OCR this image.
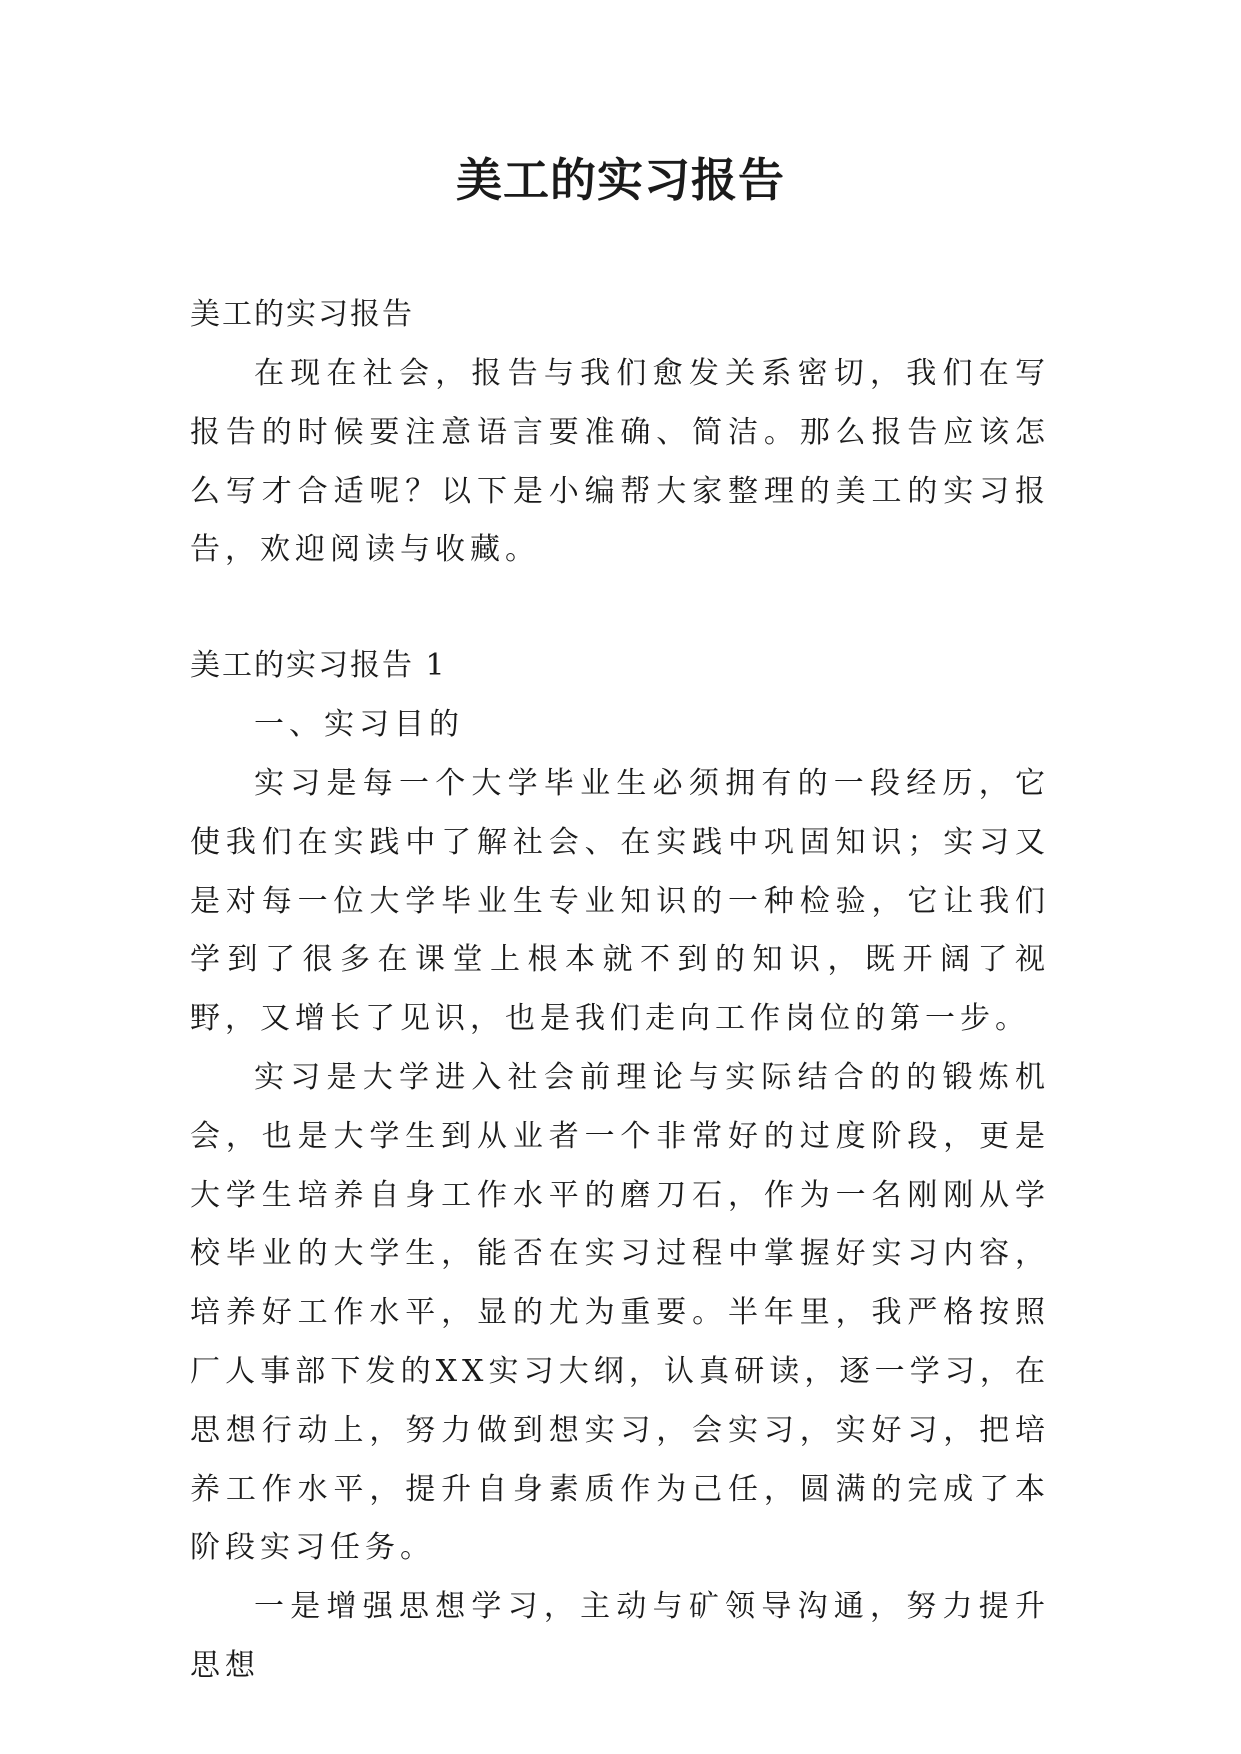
美工的实习报告

美工的实习报告

在现在社会，报告与我们愈发关系密切，我们在写报告的时候要注意语言要准确、简洁。那么报告应该怎么写才合适呢？以下是小编帮大家整理的美工的实习报告，欢迎阅读与收藏。

美工的实习报告 1

一、实习目的

实习是每一个大学毕业生必须拥有的一段经历，它使我们在实践中了解社会、在实践中巩固知识；实习又是对每一位大学毕业生专业知识的一种检验，它让我们学到了很多在课堂上根本就不到的知识，既开阔了视野，又增长了见识，也是我们走向工作岗位的第一步。

实习是大学进入社会前理论与实际结合的的锻炼机会，也是大学生到从业者一个非常好的过度阶段，更是大学生培养自身工作水平的磨刀石，作为一名刚刚从学校毕业的大学生，能否在实习过程中掌握好实习内容，培养好工作水平，显的尤为重要。半年里，我严格按照厂人事部下发的XX实习大纲，认真研读，逐一学习，在思想行动上，努力做到想实习，会实习，实好习，把培养工作水平，提升自身素质作为己任，圆满的完成了本阶段实习任务。

一是增强思想学习，主动与矿领导沟通，努力提升思想
